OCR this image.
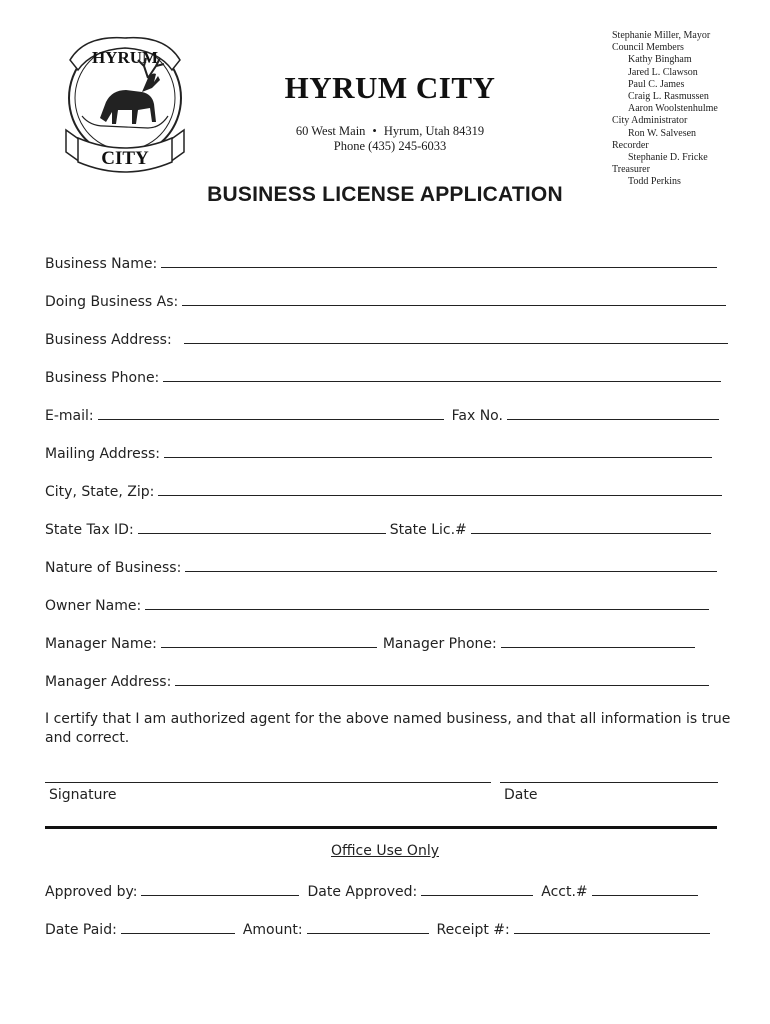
HYRUM
CITY
HYRUM CITY
60 West Main • Hyrum, Utah 84319
Phone (435) 245-6033
BUSINESS LICENSE APPLICATION
Stephanie Miller, Mayor
Council Members
Kathy Bingham
Jared L. Clawson
Paul C. James
Craig L. Rasmussen
Aaron Woolstenhulme
City Administrator
Ron W. Salvesen
Recorder
Stephanie D. Fricke
Treasurer
Todd Perkins
Business Name:
Doing Business As:
Business Address:
Business Phone:
E-mail:	Fax No.
Mailing Address:
City, State, Zip:
State Tax ID:	State Lic.#
Nature of Business:
Owner Name:
Manager Name:	Manager Phone:
Manager Address:
I certify that I am authorized agent for the above named business, and that all information is true and correct.
Signature	Date
Office Use Only
Approved by:	Date Approved:	Acct.#
Date Paid:	Amount:	Receipt #:
